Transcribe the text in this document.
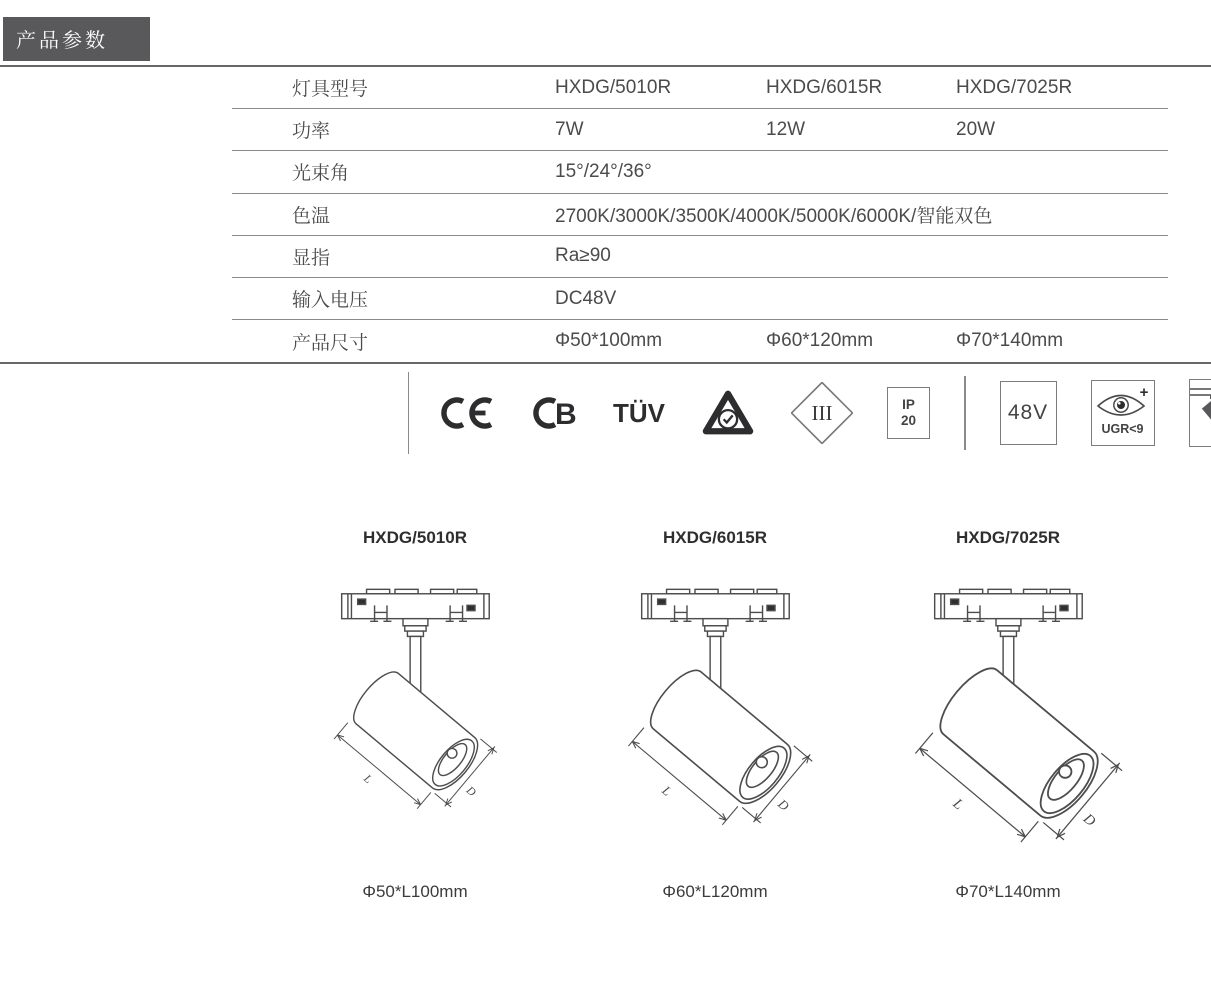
产品参数
灯具型号	HXDG/5010R	HXDG/6015R	HXDG/7025R
功率	7W	12W	20W
光束角	15°/24°/36°
色温	2700K/3000K/3500K/4000K/5000K/6000K/智能双色
显指	Ra≥90
输入电压	DC48V
产品尺寸	Φ50*100mm	Φ60*120mm	Φ70*140mm
B TÜV	III	IP
20	48V
+
UGR<9
HXDG/5010R
L
D
Φ50*L100mm
HXDG/6015R
L
D
Φ60*L120mm
HXDG/7025R
L
D
Φ70*L140mm
